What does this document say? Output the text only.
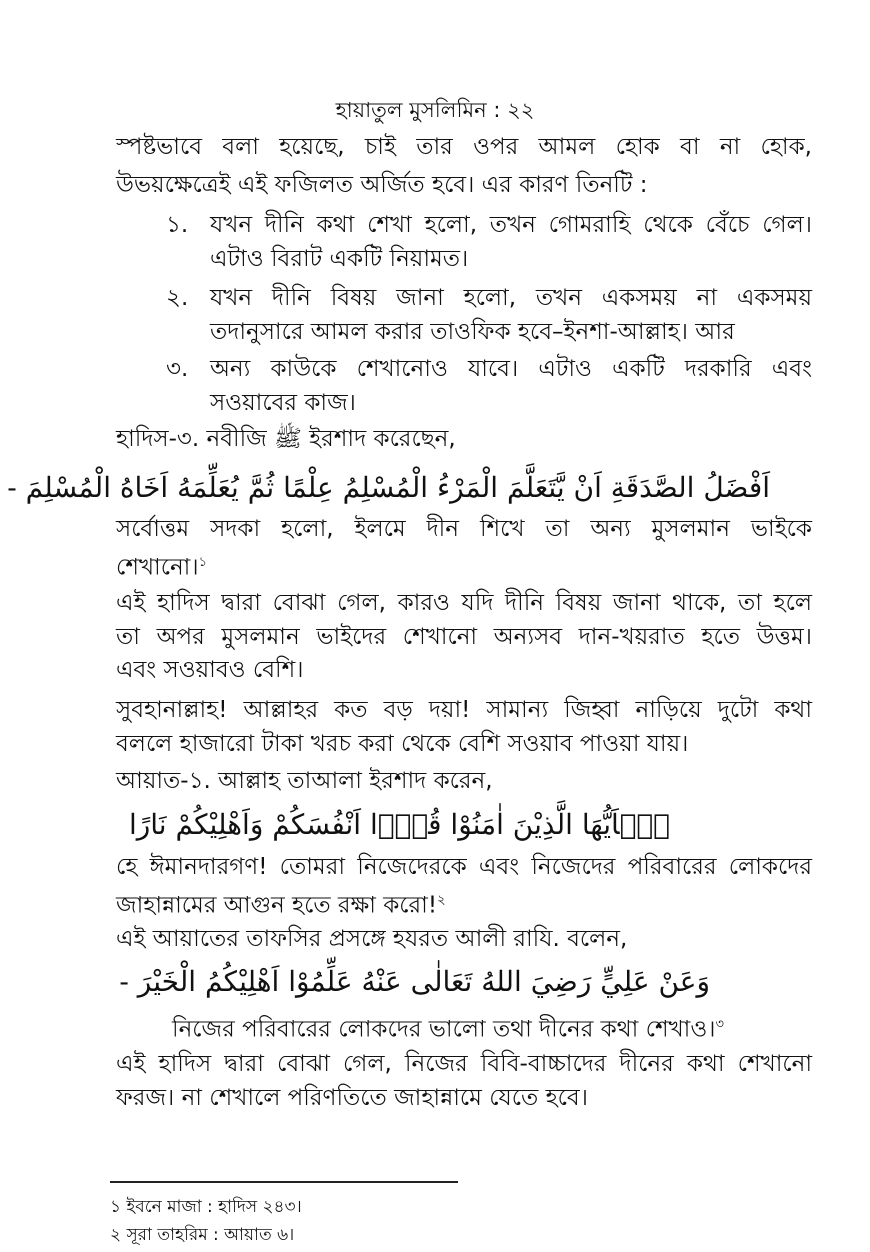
হায়াতুল মুসলিমিন : ২২
স্পষ্টভাবে বলা হয়েছে, চাই তার ওপর আমল হোক বা না হোক,
উভয়ক্ষেত্রেই এই ফজিলত অর্জিত হবে। এর কারণ তিনটি :
১. যখন দীনি কথা শেখা হলো, তখন গোমরাহি থেকে বেঁচে গেল।
এটাও বিরাট একটি নিয়ামত।
২. যখন দীনি বিষয় জানা হলো, তখন একসময় না একসময়
তদানুসারে আমল করার তাওফিক হবে–ইনশা-আল্লাহ। আর
৩. অন্য কাউকে শেখানোও যাবে। এটাও একটি দরকারি এবং
সওয়াবের কাজ।
হাদিস-৩. নবীজি ﷺ ইরশাদ করেছেন,
اَفْضَلُ الصَّدَقَةِ اَنْ يَّتَعَلَّمَ الْمَرْءُ الْمُسْلِمُ عِلْمًا ثُمَّ يُعَلِّمَهُ اَخَاهُ الْمُسْلِمَ -
সর্বোত্তম সদকা হলো, ইলমে দীন শিখে তা অন্য মুসলমান ভাইকে
শেখানো।$^১$
এই হাদিস দ্বারা বোঝা গেল, কারও যদি দীনি বিষয় জানা থাকে, তা হলে
তা অপর মুসলমান ভাইদের শেখানো অন্যসব দান-খয়রাত হতে উত্তম।
এবং সওয়াবও বেশি।
সুবহানাল্লাহ! আল্লাহর কত বড় দয়া! সামান্য জিহ্বা নাড়িয়ে দুটো কথা
বললে হাজারো টাকা খরচ করা থেকে বেশি সওয়াব পাওয়া যায়।
আয়াত-১. আল্লাহ তাআলা ইরশাদ করেন,
يٰۤاَيُّهَا الَّذِيْنَ اٰمَنُوْا قُوْۤا اَنْفُسَكُمْ وَاَهْلِيْكُمْ نَارًا
হে ঈমানদারগণ! তোমরা নিজেদেরকে এবং নিজেদের পরিবারের লোকদের
জাহান্নামের আগুন হতে রক্ষা করো!$^২$
এই আয়াতের তাফসির প্রসঙ্গে হযরত আলী রাযি. বলেন,
وَعَنْ عَلِيٍّ رَضِيَ اللهُ تَعَالٰى عَنْهُ عَلِّمُوْا اَهْلِيْكُمُ الْخَيْرَ -
নিজের পরিবারের লোকদের ভালো তথা দীনের কথা শেখাও।$^৩$
এই হাদিস দ্বারা বোঝা গেল, নিজের বিবি-বাচ্চাদের দীনের কথা শেখানো
ফরজ। না শেখালে পরিণতিতে জাহান্নামে যেতে হবে।
১ ইবনে মাজা : হাদিস ২৪৩।
২ সূরা তাহরিম : আয়াত ৬।
